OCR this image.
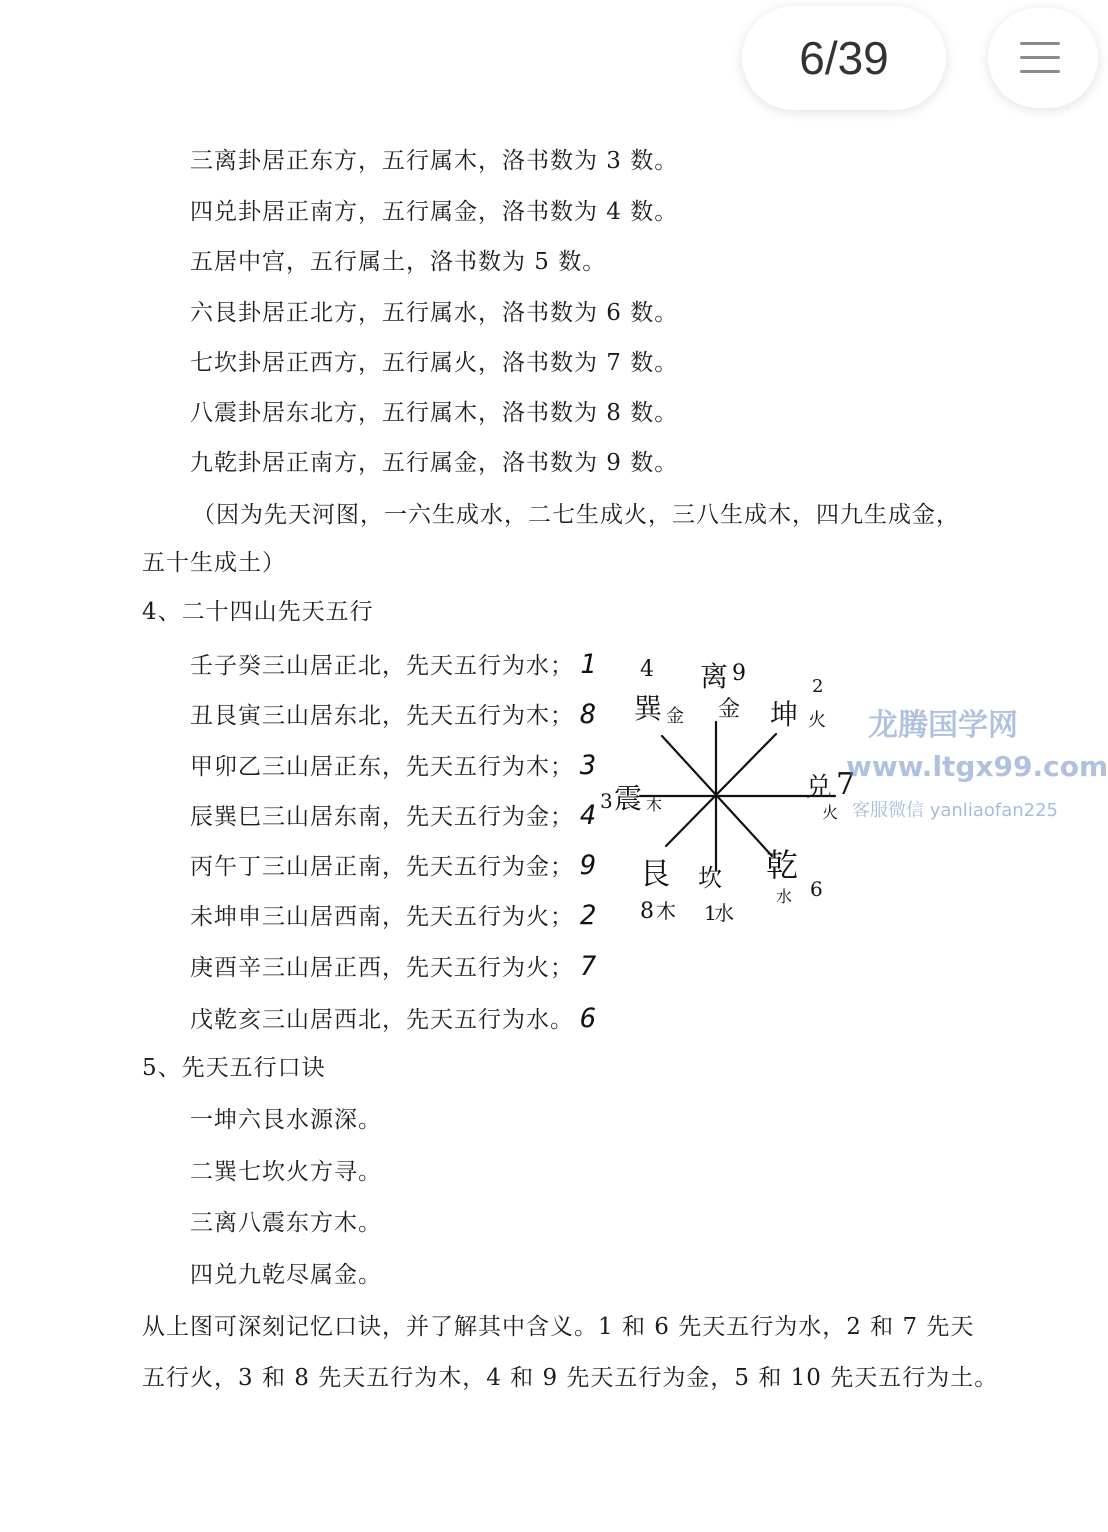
三离卦居正东方，五行属木，洛书数为 3 数。
四兑卦居正南方，五行属金，洛书数为 4 数。
五居中宫，五行属土，洛书数为 5 数。
六艮卦居正北方，五行属水，洛书数为 6 数。
七坎卦居正西方，五行属火，洛书数为 7 数。
八震卦居东北方，五行属木，洛书数为 8 数。
九乾卦居正南方，五行属金，洛书数为 9 数。
（因为先天河图，一六生成水，二七生成火，三八生成木，四九生成金，
五十生成土）
4、二十四山先天五行
壬子癸三山居正北，先天五行为水； 1
丑艮寅三山居东北，先天五行为木； 8
甲卯乙三山居正东，先天五行为木； 3
辰巽巳三山居东南，先天五行为金； 4
丙午丁三山居正南，先天五行为金； 9
未坤申三山居西南，先天五行为火； 2
庚酉辛三山居正西，先天五行为火； 7
戊乾亥三山居西北，先天五行为水。 6
5、先天五行口诀
一坤六艮水源深。
二巽七坎火方寻。
三离八震东方木。
四兑九乾尽属金。
从上图可深刻记忆口诀，并了解其中含义。1 和 6 先天五行为水，2 和 7 先天
五行火，3 和 8 先天五行为木，4 和 9 先天五行为金，5 和 10 先天五行为土。
4
巽 金
离 9
金
2
坤 火
兑 7
火
3 震 木
艮
8 木
坎
1
水
乾
水 6
龙腾国学网
www.ltgx99.com
客服微信 yanliaofan225
6/39
